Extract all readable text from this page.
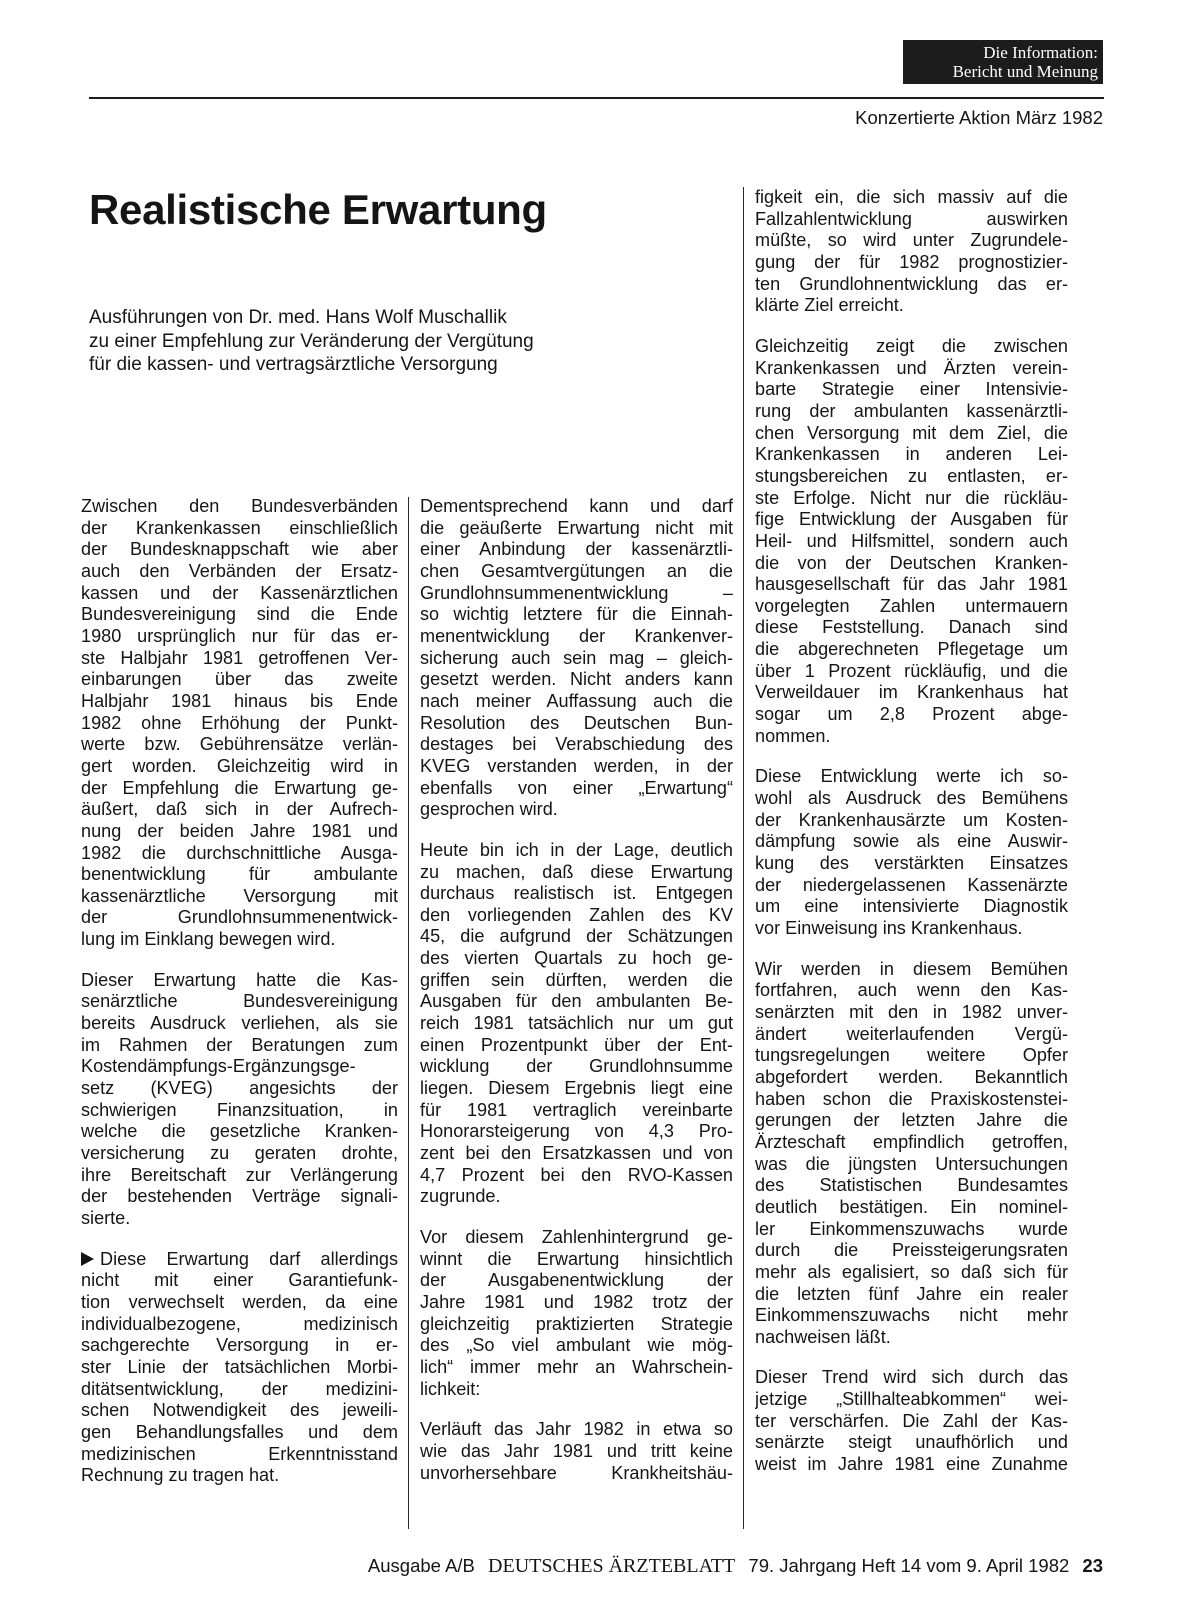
Die Information:
Bericht und Meinung
Konzertierte Aktion März 1982
Realistische Erwartung
Ausführungen von Dr. med. Hans Wolf Muschallik
zu einer Empfehlung zur Veränderung der Vergütung
für die kassen- und vertragsärztliche Versorgung

Zwischen den Bundesverbänden
der Krankenkassen einschließlich
der Bundesknappschaft wie aber
auch den Verbänden der Ersatz-
kassen und der Kassenärztlichen
Bundesvereinigung sind die Ende
1980 ursprünglich nur für das er-
ste Halbjahr 1981 getroffenen Ver-
einbarungen über das zweite
Halbjahr 1981 hinaus bis Ende
1982 ohne Erhöhung der Punkt-
werte bzw. Gebührensätze verlän-
gert worden. Gleichzeitig wird in
der Empfehlung die Erwartung ge-
äußert, daß sich in der Aufrech-
nung der beiden Jahre 1981 und
1982 die durchschnittliche Ausga-
benentwicklung für ambulante
kassenärztliche Versorgung mit
der Grundlohnsummenentwick-
lung im Einklang bewegen wird.

Dieser Erwartung hatte die Kas-
senärztliche Bundesvereinigung
bereits Ausdruck verliehen, als sie
im Rahmen der Beratungen zum
Kostendämpfungs-Ergänzungsge-
setz (KVEG) angesichts der
schwierigen Finanzsituation, in
welche die gesetzliche Kranken-
versicherung zu geraten drohte,
ihre Bereitschaft zur Verlängerung
der bestehenden Verträge signali-
sierte.

Diese Erwartung darf allerdings
nicht mit einer Garantiefunk-
tion verwechselt werden, da eine
individualbezogene, medizinisch
sachgerechte Versorgung in er-
ster Linie der tatsächlichen Morbi-
ditätsentwicklung, der medizini-
schen Notwendigkeit des jeweili-
gen Behandlungsfalles und dem
medizinischen Erkenntnisstand
Rechnung zu tragen hat.

Dementsprechend kann und darf
die geäußerte Erwartung nicht mit
einer Anbindung der kassenärztli-
chen Gesamtvergütungen an die
Grundlohnsummenentwicklung –
so wichtig letztere für die Einnah-
menentwicklung der Krankenver-
sicherung auch sein mag – gleich-
gesetzt werden. Nicht anders kann
nach meiner Auffassung auch die
Resolution des Deutschen Bun-
destages bei Verabschiedung des
KVEG verstanden werden, in der
ebenfalls von einer „Erwartung“
gesprochen wird.

Heute bin ich in der Lage, deutlich
zu machen, daß diese Erwartung
durchaus realistisch ist. Entgegen
den vorliegenden Zahlen des KV
45, die aufgrund der Schätzungen
des vierten Quartals zu hoch ge-
griffen sein dürften, werden die
Ausgaben für den ambulanten Be-
reich 1981 tatsächlich nur um gut
einen Prozentpunkt über der Ent-
wicklung der Grundlohnsumme
liegen. Diesem Ergebnis liegt eine
für 1981 vertraglich vereinbarte
Honorarsteigerung von 4,3 Pro-
zent bei den Ersatzkassen und von
4,7 Prozent bei den RVO-Kassen
zugrunde.

Vor diesem Zahlenhintergrund ge-
winnt die Erwartung hinsichtlich
der Ausgabenentwicklung der
Jahre 1981 und 1982 trotz der
gleichzeitig praktizierten Strategie
des „So viel ambulant wie mög-
lich“ immer mehr an Wahrschein-
lichkeit:

Verläuft das Jahr 1982 in etwa so
wie das Jahr 1981 und tritt keine
unvorhersehbare Krankheitshäu-

figkeit ein, die sich massiv auf die
Fallzahlentwicklung auswirken
müßte, so wird unter Zugrundele-
gung der für 1982 prognostizier-
ten Grundlohnentwicklung das er-
klärte Ziel erreicht.

Gleichzeitig zeigt die zwischen
Krankenkassen und Ärzten verein-
barte Strategie einer Intensivie-
rung der ambulanten kassenärztli-
chen Versorgung mit dem Ziel, die
Krankenkassen in anderen Lei-
stungsbereichen zu entlasten, er-
ste Erfolge. Nicht nur die rückläu-
fige Entwicklung der Ausgaben für
Heil- und Hilfsmittel, sondern auch
die von der Deutschen Kranken-
hausgesellschaft für das Jahr 1981
vorgelegten Zahlen untermauern
diese Feststellung. Danach sind
die abgerechneten Pflegetage um
über 1 Prozent rückläufig, und die
Verweildauer im Krankenhaus hat
sogar um 2,8 Prozent abge-
nommen.

Diese Entwicklung werte ich so-
wohl als Ausdruck des Bemühens
der Krankenhausärzte um Kosten-
dämpfung sowie als eine Auswir-
kung des verstärkten Einsatzes
der niedergelassenen Kassenärzte
um eine intensivierte Diagnostik
vor Einweisung ins Krankenhaus.

Wir werden in diesem Bemühen
fortfahren, auch wenn den Kas-
senärzten mit den in 1982 unver-
ändert weiterlaufenden Vergü-
tungsregelungen weitere Opfer
abgefordert werden. Bekanntlich
haben schon die Praxiskostenstei-
gerungen der letzten Jahre die
Ärzteschaft empfindlich getroffen,
was die jüngsten Untersuchungen
des Statistischen Bundesamtes
deutlich bestätigen. Ein nominel-
ler Einkommenszuwachs wurde
durch die Preissteigerungsraten
mehr als egalisiert, so daß sich für
die letzten fünf Jahre ein realer
Einkommenszuwachs nicht mehr
nachweisen läßt.

Dieser Trend wird sich durch das
jetzige „Stillhalteabkommen“ wei-
ter verschärfen. Die Zahl der Kas-
senärzte steigt unaufhörlich und
weist im Jahre 1981 eine Zunahme

Ausgabe A/B DEUTSCHES ÄRZTEBLATT 79. Jahrgang Heft 14 vom 9. April 1982 23
